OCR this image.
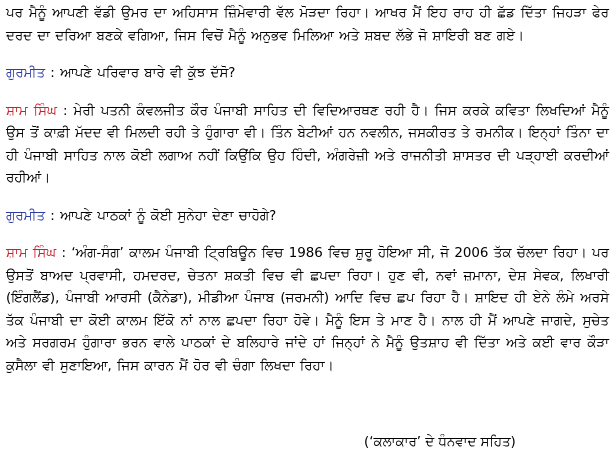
ਪਰ ਮੈਨੂੰ ਆਪਣੀ ਵੱਡੀ ਉਮਰ ਦਾ ਅਹਿਸਾਸ ਜ਼ਿੰਮੇਵਾਰੀ ਵੱਲ ਮੋੜਦਾ ਰਿਹਾ। ਆਖਰ ਮੈਂ ਇਹ ਰਾਹ ਹੀ ਛੱਡ ਦਿੱਤਾ ਜਿਹੜਾ ਫੇਰ ਦਰਦ ਦਾ ਦਰਿਆ ਬਣਕੇ ਵਗਿਆ, ਜਿਸ ਵਿਚੋਂ ਮੈਨੂੰ ਅਨੁਭਵ ਮਿਲਿਆ ਅਤੇ ਸ਼ਬਦ ਲੱਭੇ ਜੋ ਸ਼ਾਇਰੀ ਬਣ ਗਏ।

ਗੁਰਮੀਤ : ਆਪਣੇ ਪਰਿਵਾਰ ਬਾਰੇ ਵੀ ਕੁੱਝ ਦੱਸੋ?

ਸ਼ਾਮ ਸਿੰਘ : ਮੇਰੀ ਪਤਨੀ ਕੰਵਲਜੀਤ ਕੌਰ ਪੰਜਾਬੀ ਸਾਹਿਤ ਦੀ ਵਿਦਿਆਰਥਣ ਰਹੀ ਹੈ। ਜਿਸ ਕਰਕੇ ਕਵਿਤਾ ਲਿਖਦਿਆਂ ਮੈਨੂੰ ਉਸ ਤੋਂ ਕਾਫ਼ੀ ਮੱਦਦ ਵੀ ਮਿਲਦੀ ਰਹੀ ਤੇ ਹੁੰਗਾਰਾ ਵੀ। ਤਿੰਨ ਬੇਟੀਆਂ ਹਨ ਨਵਲੀਨ, ਜਸਕੀਰਤ ਤੇ ਰਮਨੀਕ। ਇਨ੍ਹਾਂ ਤਿੰਨਾ ਦਾ ਹੀ ਪੰਜਾਬੀ ਸਾਹਿਤ ਨਾਲ ਕੋਈ ਲਗਾਅ ਨਹੀਂ ਕਿਉਂਕਿ ਉਹ ਹਿੰਦੀ, ਅੰਗਰੇਜ਼ੀ ਅਤੇ ਰਾਜਨੀਤੀ ਸ਼ਾਸਤਰ ਦੀ ਪੜ੍ਹਾਈ ਕਰਦੀਆਂ ਰਹੀਆਂ।

ਗੁਰਮੀਤ : ਆਪਣੇ ਪਾਠਕਾਂ ਨੂੰ ਕੋਈ ਸੁਨੇਹਾ ਦੇਣਾ ਚਾਹੋਗੇ?

ਸ਼ਾਮ ਸਿੰਘ : ‘ਅੰਗ-ਸੰਗ’ ਕਾਲਮ ਪੰਜਾਬੀ ਟ੍ਰਿਬਿਊਨ ਵਿਚ 1986 ਵਿਚ ਸ਼ੁਰੂ ਹੋਇਆ ਸੀ, ਜੋ 2006 ਤੱਕ ਚੱਲਦਾ ਰਿਹਾ। ਪਰ ਉਸਤੋਂ ਬਾਅਦ ਪ੍ਰਵਾਸੀ, ਹਮਦਰਦ, ਚੇਤਨਾ ਸ਼ਕਤੀ ਵਿਚ ਵੀ ਛਪਦਾ ਰਿਹਾ। ਹੁਣ ਵੀ, ਨਵਾਂ ਜ਼ਮਾਨਾ, ਦੇਸ਼ ਸੇਵਕ, ਲਿਖਾਰੀ (ਇੰਗਲੈਂਡ), ਪੰਜਾਬੀ ਆਰਸੀ (ਕੈਨੇਡਾ), ਮੀਡੀਆ ਪੰਜਾਬ (ਜਰਮਨੀ) ਆਦਿ ਵਿਚ ਛਪ ਰਿਹਾ ਹੈ। ਸ਼ਾਇਦ ਹੀ ਏਨੇ ਲੰਮੇ ਅਰਸੇ ਤੱਕ ਪੰਜਾਬੀ ਦਾ ਕੋਈ ਕਾਲਮ ਇੱਕੋ ਨਾਂ ਨਾਲ ਛਪਦਾ ਰਿਹਾ ਹੋਵੇ। ਮੈਨੂੰ ਇਸ ਤੇ ਮਾਣ ਹੈ। ਨਾਲ ਹੀ ਮੈਂ ਆਪਣੇ ਜਾਗਦੇ, ਸੁਚੇਤ ਅਤੇ ਸਰਗਰਮ ਹੁੰਗਾਰਾ ਭਰਨ ਵਾਲੇ ਪਾਠਕਾਂ ਦੇ ਬਲਿਹਾਰੇ ਜਾਂਦੇ ਹਾਂ ਜਿਨ੍ਹਾਂ ਨੇ ਮੈਨੂੰ ਉਤਸ਼ਾਹ ਵੀ ਦਿੱਤਾ ਅਤੇ ਕਈ ਵਾਰ ਕੌੜਾ ਕੁਸੈਲਾ ਵੀ ਸੁਣਾਇਆ, ਜਿਸ ਕਾਰਨ ਮੈਂ ਹੋਰ ਵੀ ਚੰਗਾ ਲਿਖਦਾ ਰਿਹਾ।

(‘ਕਲਾਕਾਰ’ ਦੇ ਧੰਨਵਾਦ ਸਹਿਤ)
